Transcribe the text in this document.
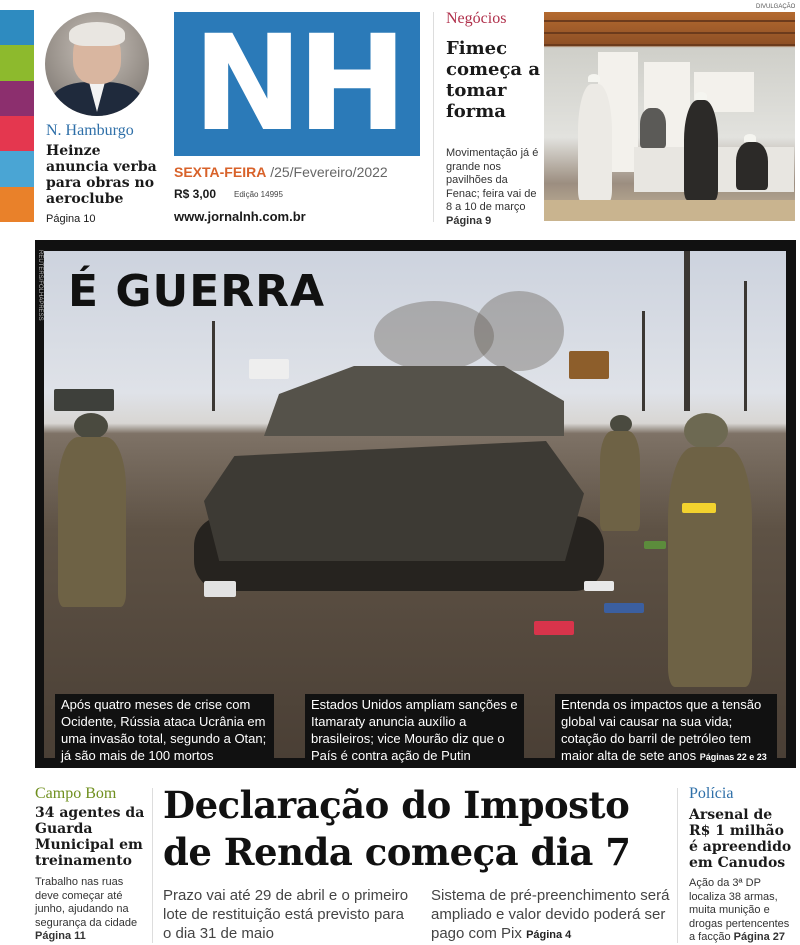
N. Hamburgo
Heinze anuncia verba para obras no aeroclube
Página 10
NH
SEXTA-FEIRA /25/Fevereiro/2022
R$ 3,00 Edição 14995
www.jornalnh.com.br
Negócios
Fimec começa a tomar forma
Movimentação já é grande nos pavilhões da Fenac; feira vai de 8 a 10 de março Página 9
DIVULGAÇÃO
REUTERS/FOLHAPRESS É GUERRA
Após quatro meses de crise com Ocidente, Rússia ataca Ucrânia em uma invasão total, segundo a Otan; já são mais de 100 mortos
Estados Unidos ampliam sanções e Itamaraty anuncia auxílio a brasileiros; vice Mourão diz que o País é contra ação de Putin
Entenda os impactos que a tensão global vai causar na sua vida; cotação do barril de petróleo tem maior alta de sete anos Páginas 22 e 23
Campo Bom
34 agentes da Guarda Municipal em treinamento
Trabalho nas ruas deve começar até junho, ajudando na segurança da cidade Página 11
Declaração do Imposto de Renda começa dia 7
Prazo vai até 29 de abril e o primeiro lote de restituição está previsto para o dia 31 de maio
Sistema de pré-preenchimento será ampliado e valor devido poderá ser pago com Pix Página 4
Polícia
Arsenal de R$ 1 milhão é apreendido em Canudos
Ação da 3ª DP localiza 38 armas, muita munição e drogas pertencentes a facção Página 27
